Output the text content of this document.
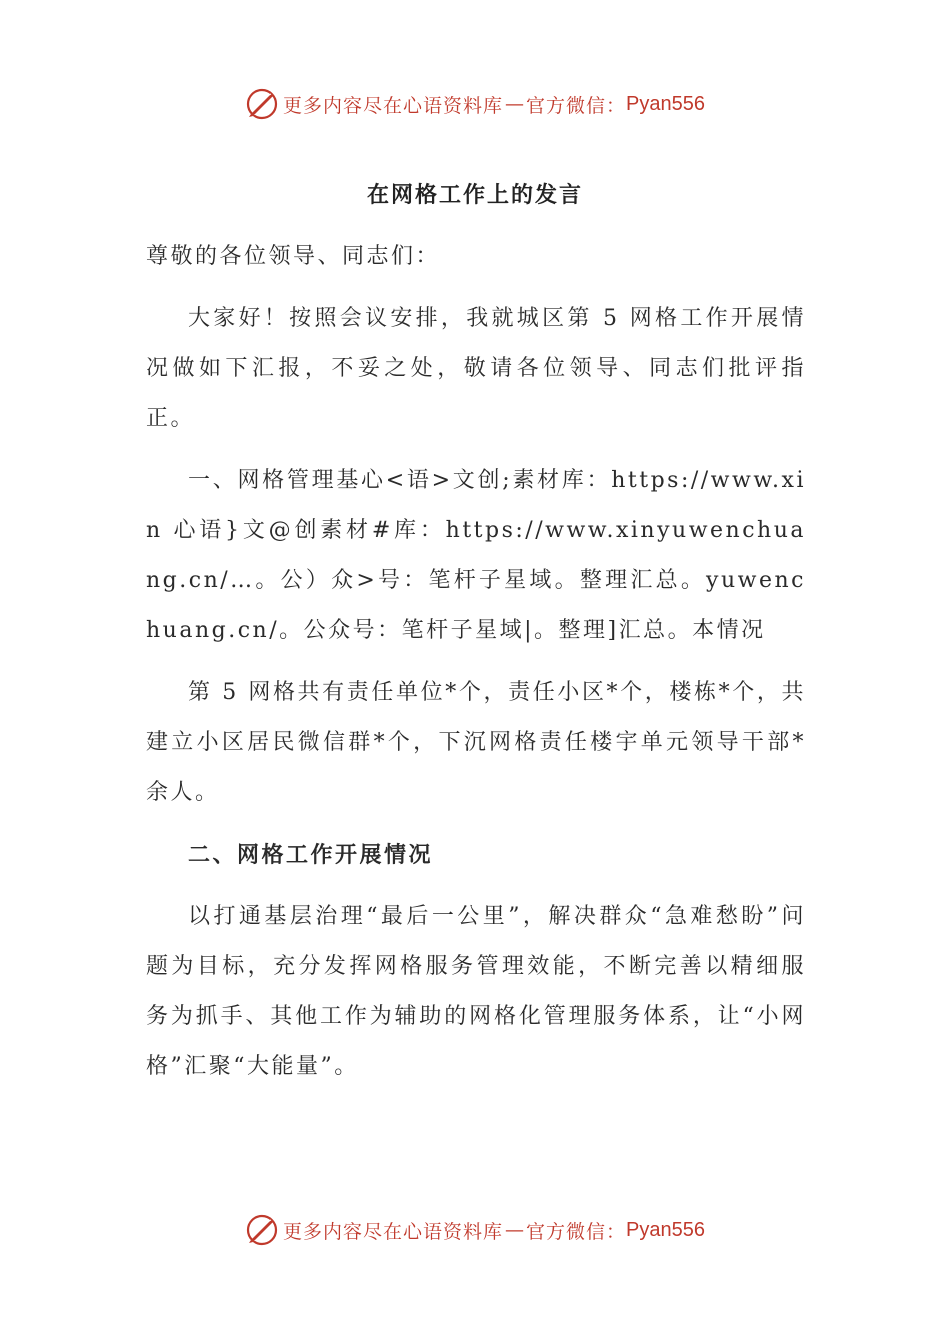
更多内容尽在心语资料库 — 官方微信： Pyan556
在网格工作上的发言

尊敬的各位领导、同志们：

大家好！按照会议安排，我就城区第 5 网格工作开展情况做如下汇报，不妥之处，敬请各位领导、同志们批评指正。

一、网格管理基心<语>文创;素材库：https://www.xin 心语}文@创素材#库：https://www.xinyuwenchuang.cn/…。公）众>号：笔杆子星域。整理汇总。yuwenchuang.cn/。公众号：笔杆子星域|。整理]汇总。本情况

第 5 网格共有责任单位*个，责任小区*个，楼栋*个，共建立小区居民微信群*个，下沉网格责任楼宇单元领导干部*余人。

二、网格工作开展情况

以打通基层治理“最后一公里”，解决群众“急难愁盼”问题为目标，充分发挥网格服务管理效能，不断完善以精细服务为抓手、其他工作为辅助的网格化管理服务体系，让“小网格”汇聚“大能量”。

更多内容尽在心语资料库 — 官方微信： Pyan556
